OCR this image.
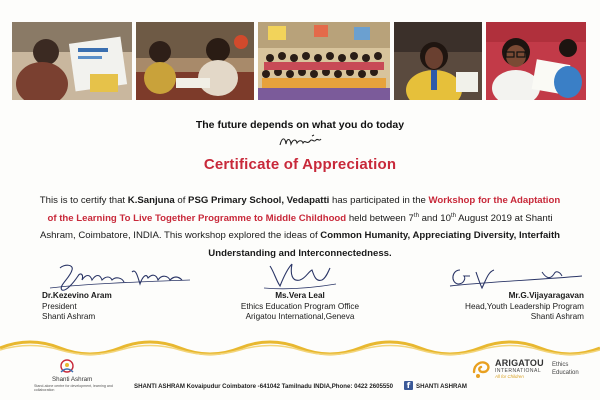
The future depends on what you do today
Certificate of Appreciation
This is to certify that K.Sanjuna of PSG Primary School, Vedapatti has participated in the Workshop for the Adaptation of the Learning To Live Together Programme to Middle Childhood held between 7th and 10th August 2019 at Shanti Ashram, Coimbatore, INDIA. This workshop explored the ideas of Common Humanity, Appreciating Diversity, Interfaith Understanding and Interconnectedness.
Dr.Kezevino Aram
President
Shanti Ashram
Ms.Vera Leal
Ethics Education Program Office
Arigatou International,Geneva
Mr.G.Vijayaragavan
Head,Youth Leadership Program
Shanti Ashram
Shanti Ashram
Stand-alone centre for development, learning and collaboration	SHANTI ASHRAM Kovaipudur Coimbatore -641042 Tamilnadu INDIA,Phone: 0422 2605550	f SHANTI ASHRAM
ARIGATOU
INTERNATIONAL
All for Children
Ethics
Education
